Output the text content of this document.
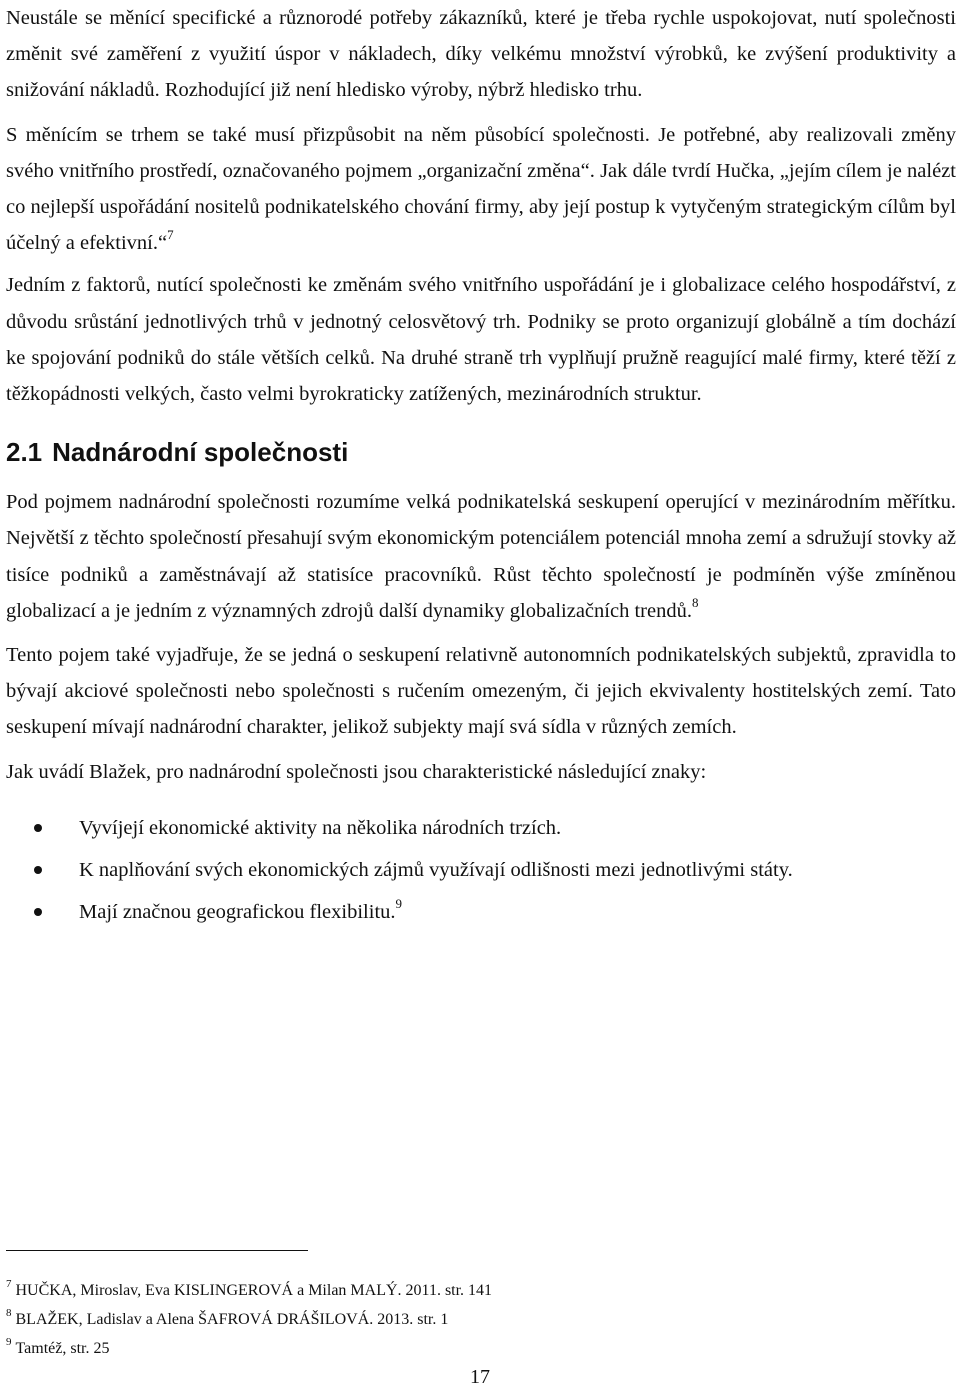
Neustále se měnící specifické a různorodé potřeby zákazníků, které je třeba rychle uspokojovat, nutí společnosti změnit své zaměření z využití úspor v nákladech, díky velkému množství výrobků, ke zvýšení produktivity a snižování nákladů. Rozhodující již není hledisko výroby, nýbrž hledisko trhu.

S měnícím se trhem se také musí přizpůsobit na něm působící společnosti. Je potřebné, aby realizovali změny svého vnitřního prostředí, označovaného pojmem „organizační změna“. Jak dále tvrdí Hučka, „jejím cílem je nalézt co nejlepší uspořádání nositelů podnikatelského chování firmy, aby její postup k vytyčeným strategickým cílům byl účelný a efektivní.“$^7$

Jedním z faktorů, nutící společnosti ke změnám svého vnitřního uspořádání je i globalizace celého hospodářství, z důvodu srůstání jednotlivých trhů v jednotný celosvětový trh. Podniky se proto organizují globálně a tím dochází ke spojování podniků do stále větších celků. Na druhé straně trh vyplňují pružně reagující malé firmy, které těží z těžkopádnosti velkých, často velmi byrokraticky zatížených, mezinárodních struktur.

2.1 Nadnárodní společnosti

Pod pojmem nadnárodní společnosti rozumíme velká podnikatelská seskupení operující v mezinárodním měřítku. Největší z těchto společností přesahují svým ekonomickým potenciálem potenciál mnoha zemí a sdružují stovky až tisíce podniků a zaměstnávají až statisíce pracovníků. Růst těchto společností je podmíněn výše zmíněnou globalizací a je jedním z významných zdrojů další dynamiky globalizačních trendů.$^8$

Tento pojem také vyjadřuje, že se jedná o seskupení relativně autonomních podnikatelských subjektů, zpravidla to bývají akciové společnosti nebo společnosti s ručením omezeným, či jejich ekvivalenty hostitelských zemí. Tato seskupení mívají nadnárodní charakter, jelikož subjekty mají svá sídla v různých zemích.

Jak uvádí Blažek, pro nadnárodní společnosti jsou charakteristické následující znaky:

Vyvíjejí ekonomické aktivity na několika národních trzích.
K naplňování svých ekonomických zájmů využívají odlišnosti mezi jednotlivými státy.
Mají značnou geografickou flexibilitu.$^9$
$^7$ HUČKA, Miroslav, Eva KISLINGEROVÁ a Milan MALÝ. 2011. str. 141
$^8$ BLAŽEK, Ladislav a Alena ŠAFROVÁ DRÁŠILOVÁ. 2013. str. 1
$^9$ Tamtéž, str. 25
17
